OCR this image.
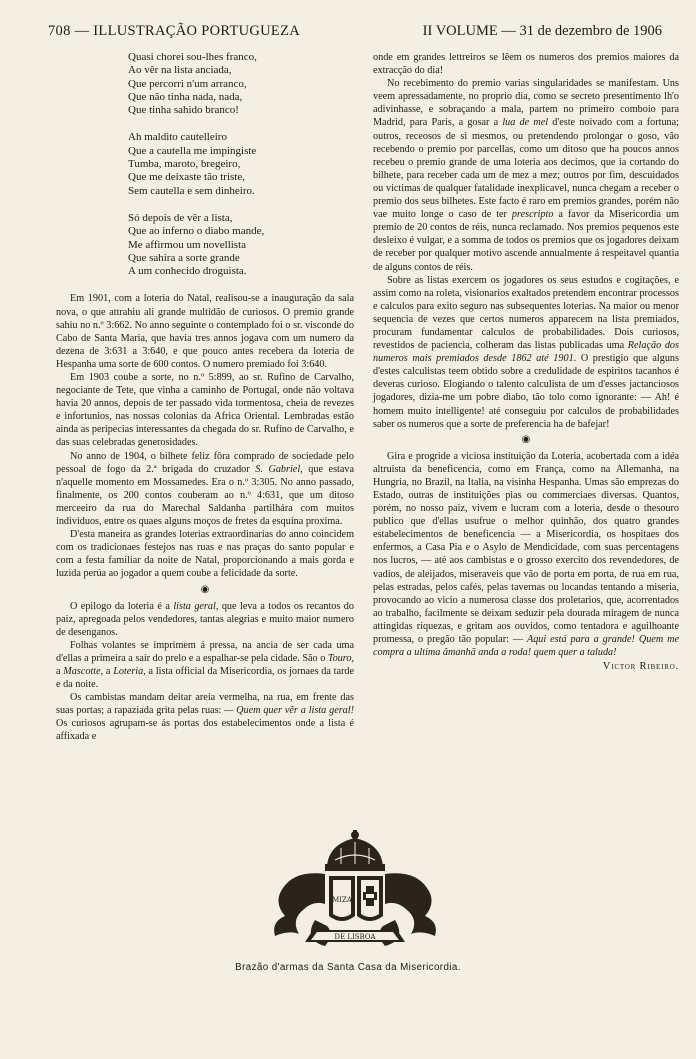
708 — ILLUSTRAÇÃO PORTUGUEZA	II VOLUME — 31 de dezembro de 1906
Quasi chorei sou-lhes franco,
Ao vêr na lista anciada,
Que percorri n'um arranco,
Que não tinha nada, nada,
Que tinha sahido branco!
Ah maldito cautelleiro
Que a cautella me impingiste
Tumba, maroto, bregeiro,
Que me deixaste tão triste,
Sem cautella e sem dinheiro.
Só depois de vêr a lista,
Que ao inferno o diabo mande,
Me affirmou um novellista
Que sahira a sorte grande
A um conhecido droguista.

Em 1901, com a loteria do Natal, realisou-se a inauguração da sala nova, o que attrahiu ali grande multidão de curiosos. O premio grande sahiu no n.º 3:662. No anno seguinte o contemplado foi o sr. visconde do Cabo de Santa Maria, que havia tres annos jogava com um numero da dezena de 3:631 a 3:640, e que pouco antes recebera da loteria de Hespanha uma sorte de 600 contos. O numero premiado foi 3:640.

Em 1903 coube a sorte, no n.º 5:899, ao sr. Rufino de Carvalho, negociante de Tete, que vinha a caminho de Portugal, onde não voltava havia 20 annos, depois de ter passado vida tormentosa, cheia de revezes e infortunios, nas nossas colonias da Africa Oriental. Lembradas estão ainda as peripecias interessantes da chegada do sr. Rufino de Carvalho, e das suas celebradas generosidades.

No anno de 1904, o bilhete feliz fôra comprado de sociedade pelo pessoal de fogo da 2.ª brigada do cruzador S. Gabriel, que estava n'aquelle momento em Mossamedes. Era o n.º 3:305. No anno passado, finalmente, os 200 contos couberam ao n.º 4:631, que um ditoso merceeiro da rua do Marechal Saldanha partilhára com muitos individuos, entre os quaes alguns moços de fretes da esquina proxima.

D'esta maneira as grandes loterias extraordinarias do anno coincidem com os tradicionaes festejos nas ruas e nas praças do santo popular e com a festa familiar da noite de Natal, proporcionando a mais gorda e luzida perúa ao jogador a quem coube a felicidade da sorte.

◉

O epilogo da loteria é a lista geral, que leva a todos os recantos do paiz, apregoada pelos vendedores, tantas alegrias e muito maior numero de desenganos.

Folhas volantes se imprimem á pressa, na ancia de ser cada uma d'ellas a primeira a sair do prelo e a espalhar-se pela cidade. São o Touro, a Mascotte, a Loteria, a lista official da Misericordia, os jornaes da tarde e da noite.

Os cambistas mandam deitar areia vermelha, na rua, em frente das suas portas; a rapaziada grita pelas ruas: — Quem quer vêr a lista geral! Os curiosos agrupam-se ás portas dos estabelecimentos onde a lista é affixada e

onde em grandes lettreiros se lêem os numeros dos premios maiores da extracção do dia!

No recebimento do premio varias singularidades se manifestam. Uns veem apressadamente, no proprio dia, como se secreto presentimento lh'o adivinhasse, e sobraçando a mala, partem no primeiro comboio para Madrid, para Paris, a gosar a lua de mel d'este noivado com a fortuna; outros, receosos de si mesmos, ou pretendendo prolongar o goso, vão recebendo o premio por parcellas, como um ditoso que ha poucos annos recebeu o premio grande de uma loteria aos decimos, que ia cortando do bilhete, para receber cada um de mez a mez; outros por fim, descuidados ou victimas de qualquer fatalidade inexplicavel, nunca chegam a receber o premio dos seus bilhetes. Este facto é raro em premios grandes, porém não vae muito longe o caso de ter prescripto a favor da Misericordia um premio de 20 contos de réis, nunca reclamado. Nos premios pequenos este desleixo é vulgar, e a somma de todos os premios que os jogadores deixam de receber por qualquer motivo ascende annualmente á respeitavel quantia de alguns contos de réis.

Sobre as listas exercem os jogadores os seus estudos e cogitações, e assim como na roleta, visionarios exaltados pretendem encontrar processos e calculos para exito seguro nas subsequentes loterias. Na maior ou menor sequencia de vezes que certos numeros apparecem na lista premiados, procuram fundamentar calculos de probabilidades. Dois curiosos, revestidos de paciencia, colheram das listas publicadas uma Relação dos numeros mais premiados desde 1862 até 1901. O prestigio que alguns d'estes calculistas teem obtido sobre a credulidade de espiritos tacanhos é deveras curioso. Elogiando o talento calculista de um d'esses jactanciosos jogadores, dizia-me um pobre diabo, tão tolo como ignorante: — Ah! é homem muito intelligente! até conseguiu por calculos de probabilidades saber os numeros que a sorte de preferencia ha de bafejar!

◉

Gira e progride a viciosa instituição da Loteria, acobertada com a idéa altruista da beneficencia, como em França, como na Allemanha, na Hungria, no Brazil, na Italia, na visinha Hespanha. Umas são emprezas do Estado, outras de instituições pias ou commerciaes diversas. Quantos, porém, no nosso paiz, vivem e lucram com a loteria, desde o thesouro publico que d'ellas usufrue o melhor quinhão, dos quatro grandes estabelecimentos de beneficencia — a Misericordia, os hospitaes dos enfermos, a Casa Pia e o Asylo de Mendicidade, com suas percentagens nos lucros, — até aos cambistas e o grosso exercito dos revendedores, de vadios, de aleijados, miseraveis que vão de porta em porta, de rua em rua, pelas estradas, pelos cafés, pelas tavernas ou locandas tentando a miseria, provocando ao vicio a numerosa classe dos proletarios, que, acorrentados ao trabalho, facilmente se deixam seduzir pela dourada miragem de nunca attingidas riquezas, e gritam aos ouvidos, como tentadora e aguilhoante promessa, o pregão tão popular: — Aqui está para a grande! Quem me compra a ultima âmanhã anda a roda! quem quer a taluda!

Victor Ribeiro.
MIZA
DE LISBOA
Brazão d'armas da Santa Casa da Misericordia.
